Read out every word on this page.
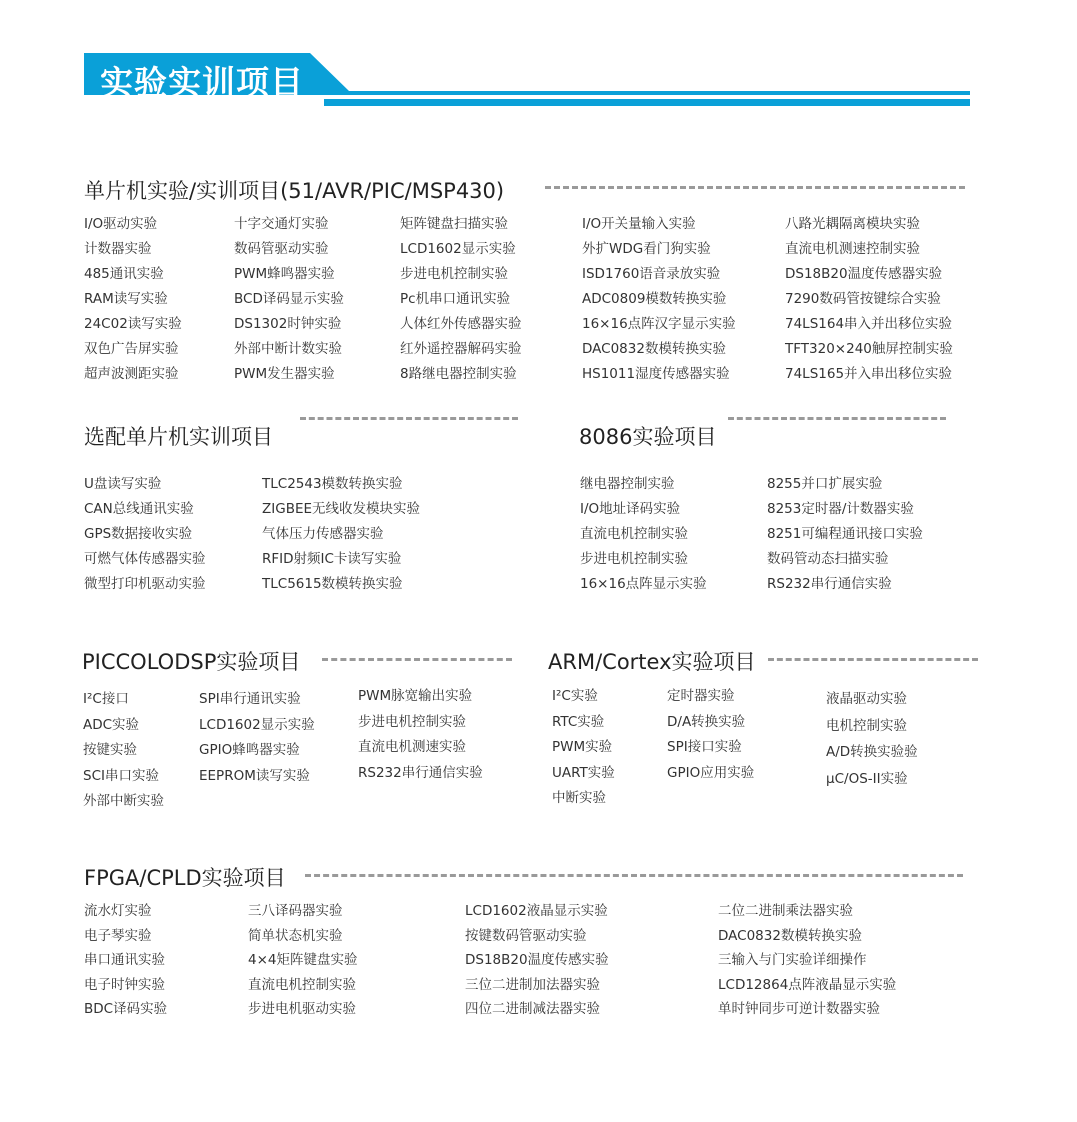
实验实训项目
单片机实验/实训项目(51/AVR/PIC/MSP430)
I/O驱动实验
计数器实验
485通讯实验
RAM读写实验
24C02读写实验
双色广告屏实验
超声波测距实验
十字交通灯实验
数码管驱动实验
PWM蜂鸣器实验
BCD译码显示实验
DS1302时钟实验
外部中断计数实验
PWM发生器实验
矩阵键盘扫描实验
LCD1602显示实验
步进电机控制实验
Pc机串口通讯实验
人体红外传感器实验
红外遥控器解码实验
8路继电器控制实验
I/O开关量输入实验
外扩WDG看门狗实验
ISD1760语音录放实验
ADC0809模数转换实验
16×16点阵汉字显示实验
DAC0832数模转换实验
HS1011湿度传感器实验
八路光耦隔离模块实验
直流电机测速控制实验
DS18B20温度传感器实验
7290数码管按键综合实验
74LS164串入并出移位实验
TFT320×240触屏控制实验
74LS165并入串出移位实验
选配单片机实训项目
U盘读写实验
CAN总线通讯实验
GPS数据接收实验
可燃气体传感器实验
微型打印机驱动实验
TLC2543模数转换实验
ZIGBEE无线收发模块实验
气体压力传感器实验
RFID射频IC卡读写实验
TLC5615数模转换实验
8086实验项目
继电器控制实验
I/O地址译码实验
直流电机控制实验
步进电机控制实验
16×16点阵显示实验
8255并口扩展实验
8253定时器/计数器实验
8251可编程通讯接口实验
数码管动态扫描实验
RS232串行通信实验
PICCOLODSP实验项目
I²C接口
ADC实验
按键实验
SCI串口实验
外部中断实验
SPI串行通讯实验
LCD1602显示实验
GPIO蜂鸣器实验
EEPROM读写实验
PWM脉宽输出实验
步进电机控制实验
直流电机测速实验
RS232串行通信实验
ARM/Cortex实验项目
I²C实验
RTC实验
PWM实验
UART实验
中断实验
定时器实验
D/A转换实验
SPI接口实验
GPIO应用实验
液晶驱动实验
电机控制实验
A/D转换实验验
μC/OS-II实验
FPGA/CPLD实验项目
流水灯实验
电子琴实验
串口通讯实验
电子时钟实验
BDC译码实验
三八译码器实验
简单状态机实验
4×4矩阵键盘实验
直流电机控制实验
步进电机驱动实验
LCD1602液晶显示实验
按键数码管驱动实验
DS18B20温度传感实验
三位二进制加法器实验
四位二进制减法器实验
二位二进制乘法器实验
DAC0832数模转换实验
三输入与门实验详细操作
LCD12864点阵液晶显示实验
单时钟同步可逆计数器实验
